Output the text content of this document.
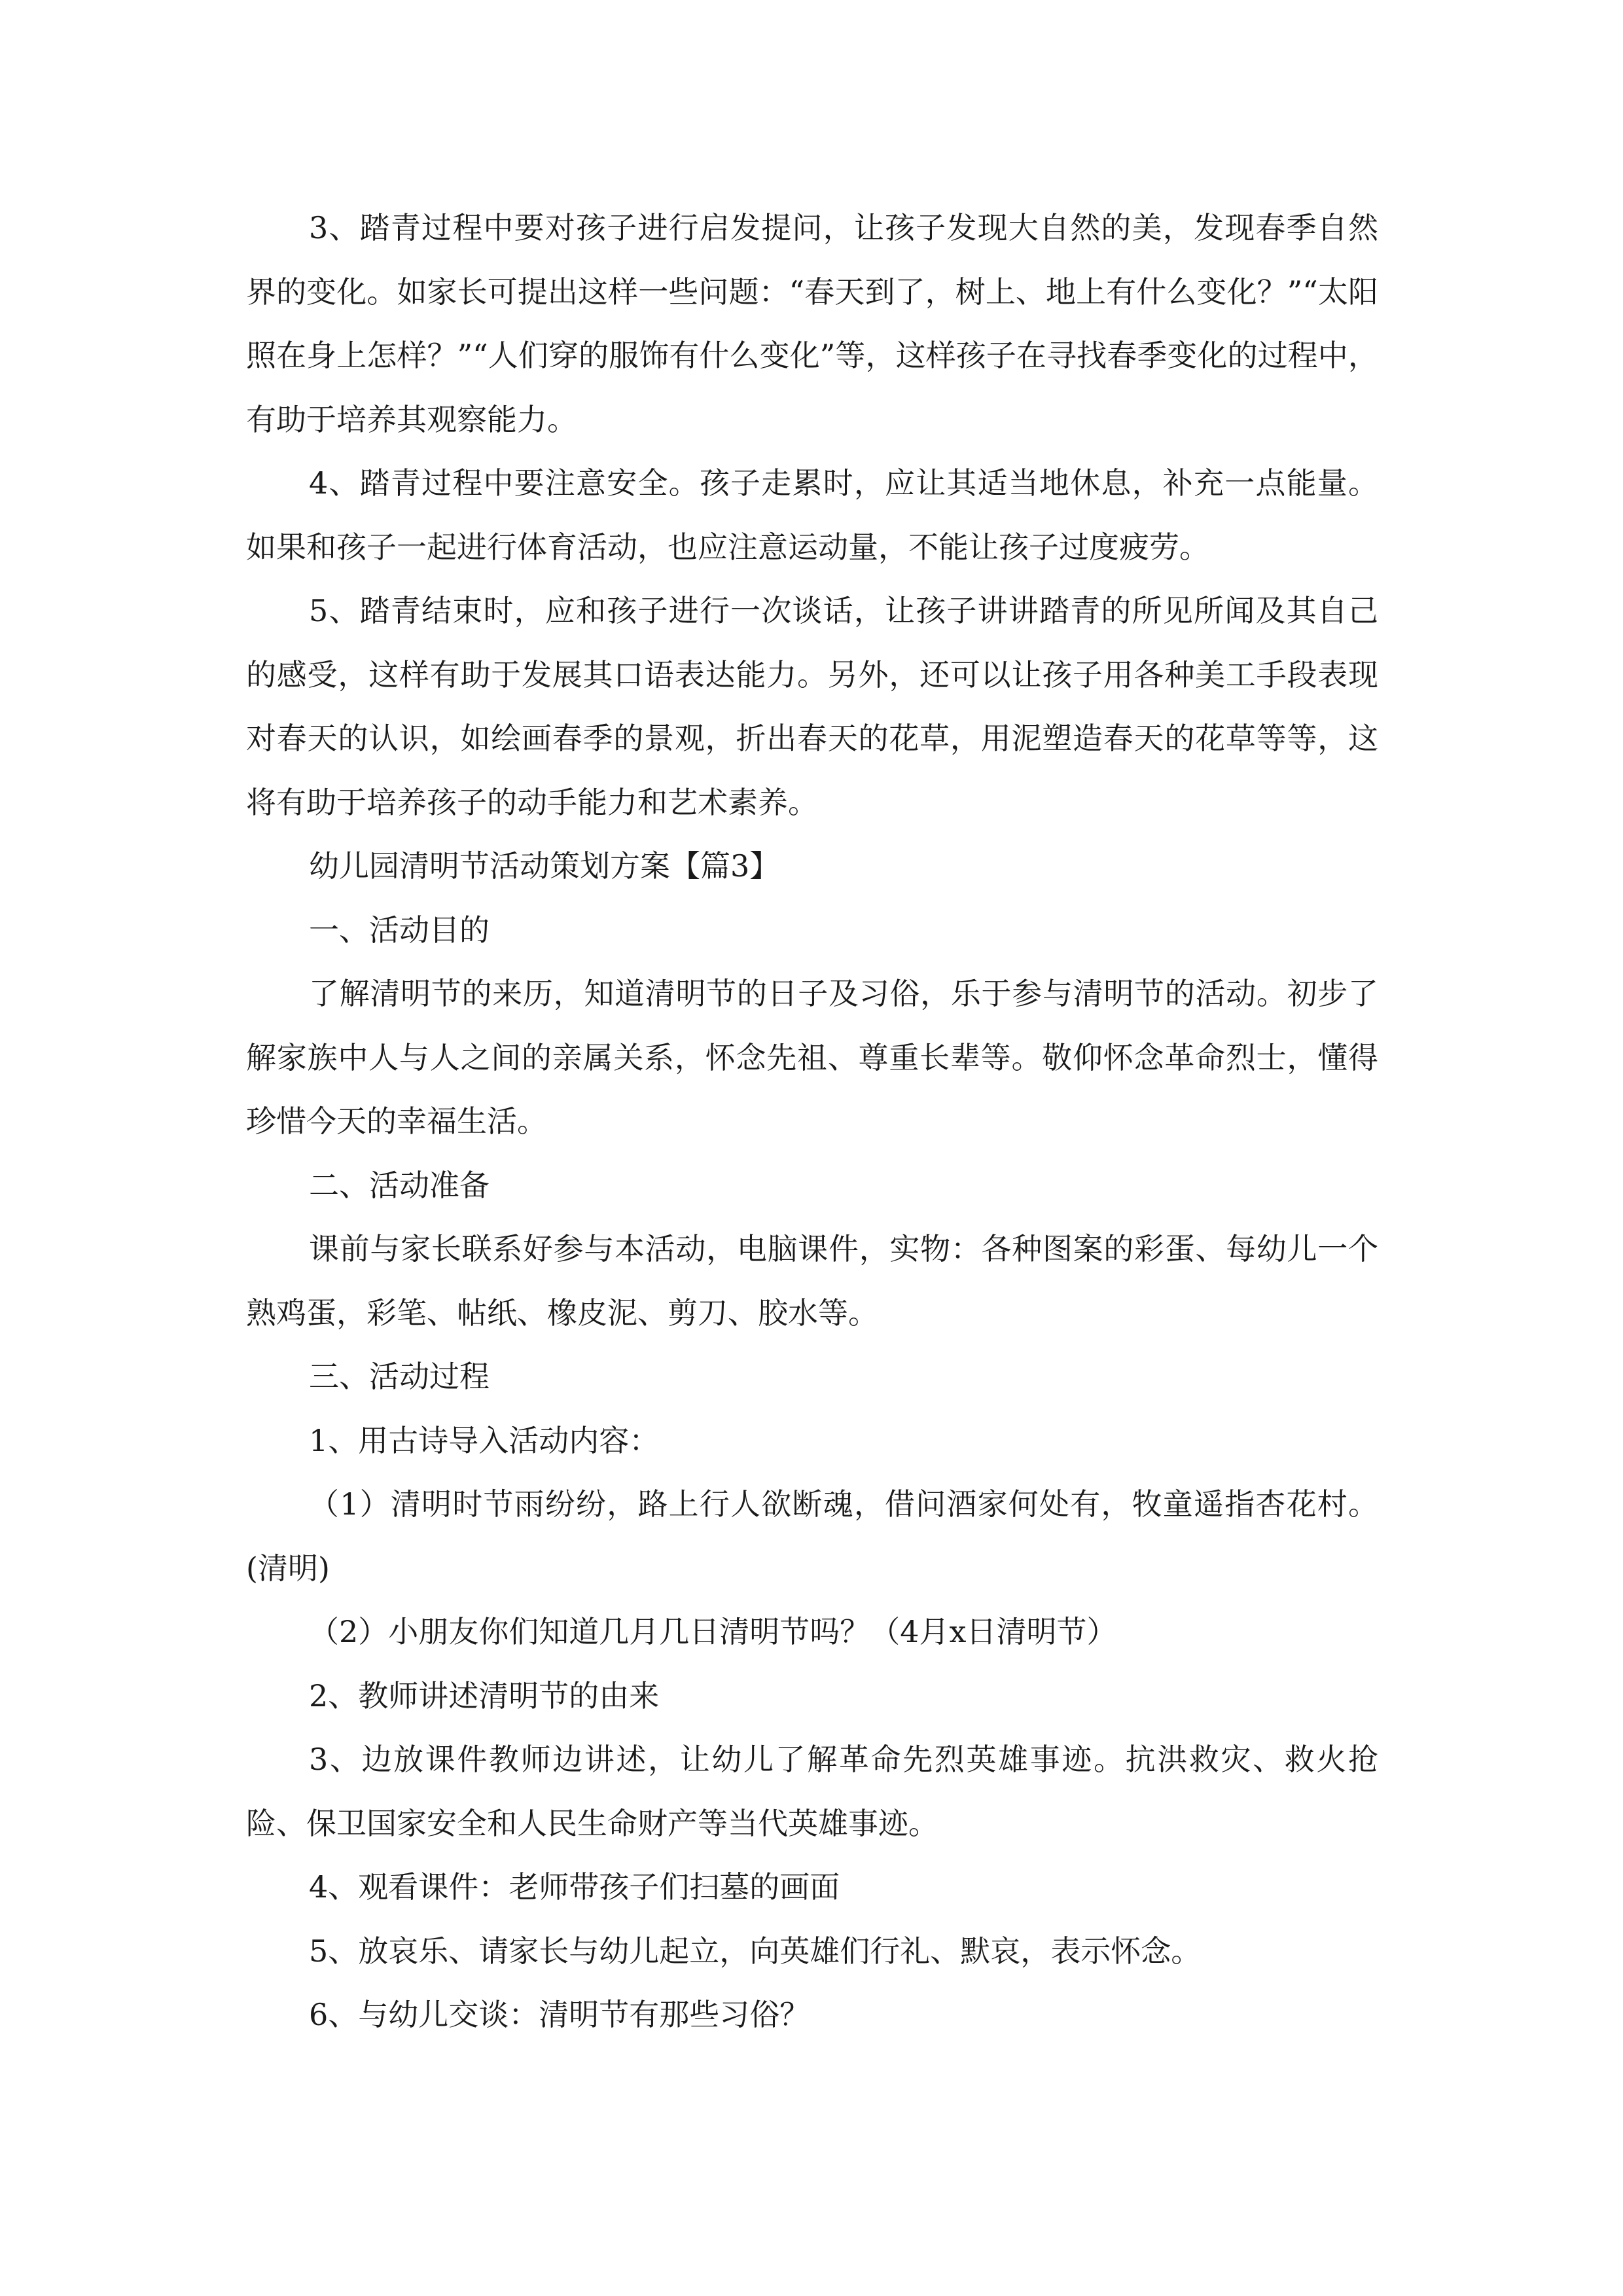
3、踏青过程中要对孩子进行启发提问，让孩子发现大自然的美，发现春季自然界的变化。如家长可提出这样一些问题：“春天到了，树上、地上有什么变化？”“太阳照在身上怎样？”“人们穿的服饰有什么变化”等，这样孩子在寻找春季变化的过程中，有助于培养其观察能力。

4、踏青过程中要注意安全。孩子走累时，应让其适当地休息，补充一点能量。如果和孩子一起进行体育活动，也应注意运动量，不能让孩子过度疲劳。

5、踏青结束时，应和孩子进行一次谈话，让孩子讲讲踏青的所见所闻及其自己的感受，这样有助于发展其口语表达能力。另外，还可以让孩子用各种美工手段表现对春天的认识，如绘画春季的景观，折出春天的花草，用泥塑造春天的花草等等，这将有助于培养孩子的动手能力和艺术素养。

幼儿园清明节活动策划方案【篇3】

一、活动目的

了解清明节的来历，知道清明节的日子及习俗，乐于参与清明节的活动。初步了解家族中人与人之间的亲属关系，怀念先祖、尊重长辈等。敬仰怀念革命烈士，懂得珍惜今天的幸福生活。

二、活动准备

课前与家长联系好参与本活动，电脑课件，实物：各种图案的彩蛋、每幼儿一个熟鸡蛋，彩笔、帖纸、橡皮泥、剪刀、胶水等。

三、活动过程

1、用古诗导入活动内容：

（1）清明时节雨纷纷，路上行人欲断魂，借问酒家何处有，牧童遥指杏花村。(清明)

（2）小朋友你们知道几月几日清明节吗？（4月x日清明节）

2、教师讲述清明节的由来

3、边放课件教师边讲述，让幼儿了解革命先烈英雄事迹。抗洪救灾、救火抢险、保卫国家安全和人民生命财产等当代英雄事迹。

4、观看课件：老师带孩子们扫墓的画面

5、放哀乐、请家长与幼儿起立，向英雄们行礼、默哀，表示怀念。

6、与幼儿交谈：清明节有那些习俗？
